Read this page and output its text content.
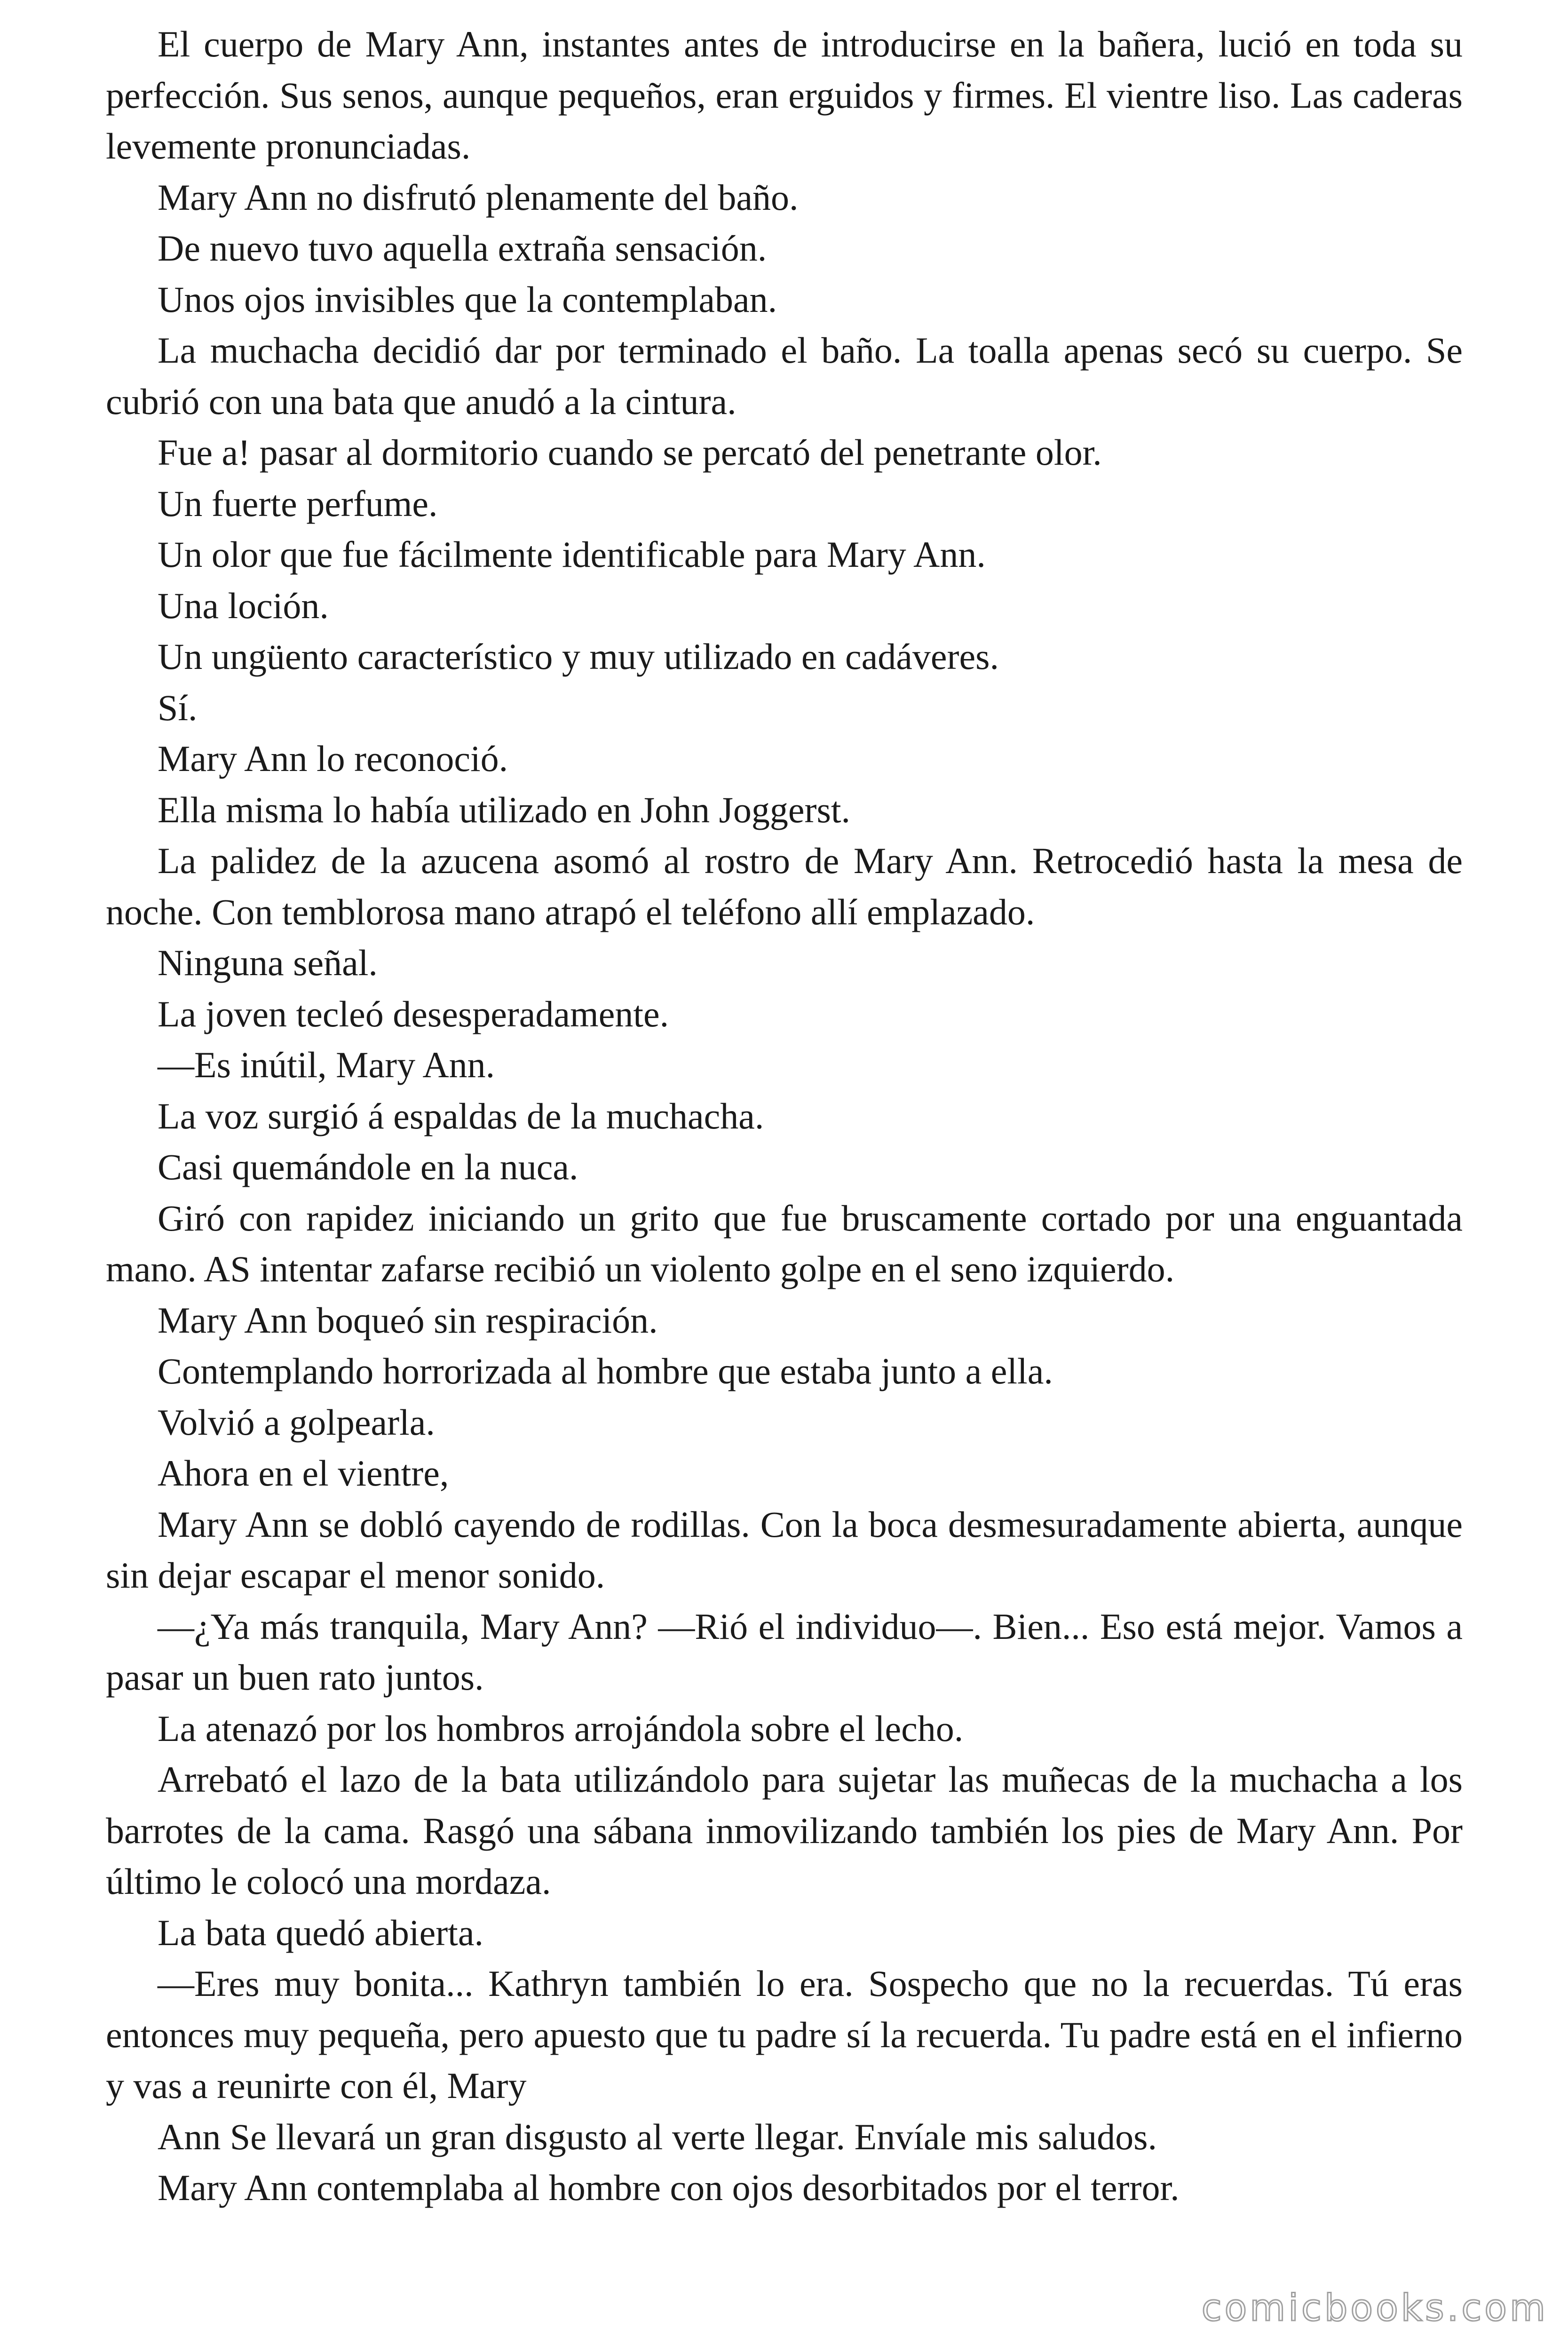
El cuerpo de Mary Ann, instantes antes de introducirse en la bañera, lució en toda su perfección. Sus senos, aunque pequeños, eran erguidos y firmes. El vientre liso. Las caderas levemente pronunciadas.

Mary Ann no disfrutó plenamente del baño.

De nuevo tuvo aquella extraña sensación.

Unos ojos invisibles que la contemplaban.

La muchacha decidió dar por terminado el baño. La toalla apenas secó su cuerpo. Se cubrió con una bata que anudó a la cintura.

Fue a! pasar al dormitorio cuando se percató del penetrante olor.

Un fuerte perfume.

Un olor que fue fácilmente identificable para Mary Ann.

Una loción.

Un ungüento característico y muy utilizado en cadáveres.

Sí.

Mary Ann lo reconoció.

Ella misma lo había utilizado en John Joggerst.

La palidez de la azucena asomó al rostro de Mary Ann. Retrocedió hasta la mesa de noche. Con temblorosa mano atrapó el teléfono allí emplazado.

Ninguna señal.

La joven tecleó desesperadamente.

—Es inútil, Mary Ann.

La voz surgió á espaldas de la muchacha.

Casi quemándole en la nuca.

Giró con rapidez iniciando un grito que fue bruscamente cortado por una enguantada mano. AS intentar zafarse recibió un violento golpe en el seno izquierdo.

Mary Ann boqueó sin respiración.

Contemplando horrorizada al hombre que estaba junto a ella.

Volvió a golpearla.

Ahora en el vientre,

Mary Ann se dobló cayendo de rodillas. Con la boca desmesuradamente abierta, aunque sin dejar escapar el menor sonido.

—¿Ya más tranquila, Mary Ann? —Rió el individuo—. Bien... Eso está mejor. Vamos a pasar un buen rato juntos.

La atenazó por los hombros arrojándola sobre el lecho.

Arrebató el lazo de la bata utilizándolo para sujetar las muñecas de la muchacha a los barrotes de la cama. Rasgó una sábana inmovilizando también los pies de Mary Ann. Por último le colocó una mordaza.

La bata quedó abierta.

—Eres muy bonita... Kathryn también lo era. Sospecho que no la recuerdas. Tú eras entonces muy pequeña, pero apuesto que tu padre sí la recuerda. Tu padre está en el infierno y vas a reunirte con él, Mary

Ann Se llevará un gran disgusto al verte llegar. Envíale mis saludos.

Mary Ann contemplaba al hombre con ojos desorbitados por el terror.

comicbooks.com
